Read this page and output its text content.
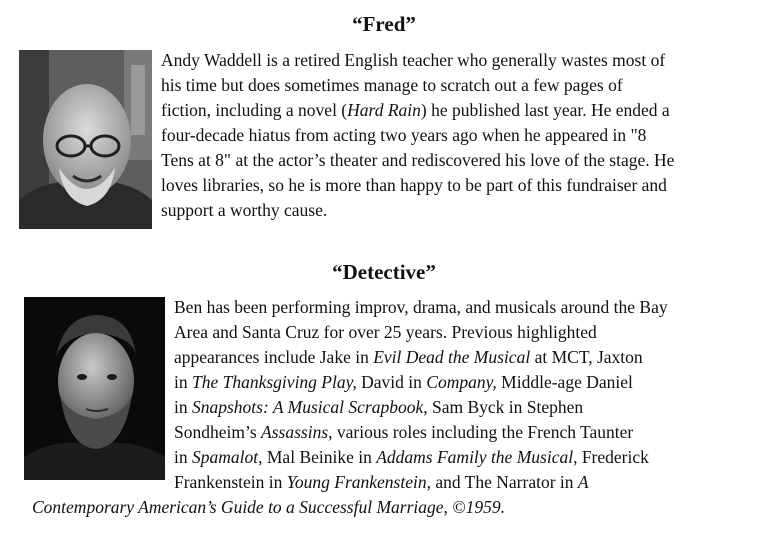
“Fred”
Andy Waddell is a retired English teacher who generally wastes most of
his time but does sometimes manage to scratch out a few pages of
fiction, including a novel (Hard Rain) he published last year. He ended a
four-decade hiatus from acting two years ago when he appeared in "8
Tens at 8" at the actor’s theater and rediscovered his love of the stage. He
loves libraries, so he is more than happy to be part of this fundraiser and
support a worthy cause.
“Detective”
Ben has been performing improv, drama, and musicals around the Bay
Area and Santa Cruz for over 25 years. Previous highlighted
appearances include Jake in Evil Dead the Musical at MCT, Jaxton
in The Thanksgiving Play, David in Company, Middle-age Daniel
in Snapshots: A Musical Scrapbook, Sam Byck in Stephen
Sondheim’s Assassins, various roles including the French Taunter
in Spamalot, Mal Beinike in Addams Family the Musical, Frederick
Frankenstein in Young Frankenstein, and The Narrator in A
Contemporary American’s Guide to a Successful Marriage, ©1959.
